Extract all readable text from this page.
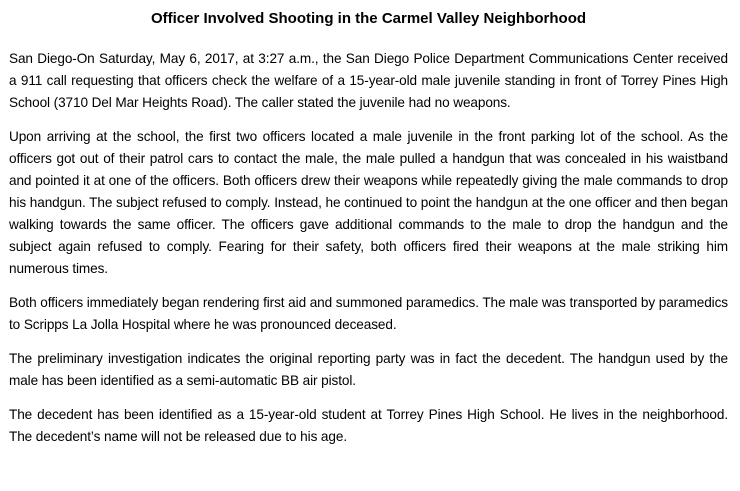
Officer Involved Shooting in the Carmel Valley Neighborhood

San Diego-On Saturday, May 6, 2017, at 3:27 a.m., the San Diego Police Department Communications Center received a 911 call requesting that officers check the welfare of a 15-year-old male juvenile standing in front of Torrey Pines High School (3710 Del Mar Heights Road). The caller stated the juvenile had no weapons.

Upon arriving at the school, the first two officers located a male juvenile in the front parking lot of the school. As the officers got out of their patrol cars to contact the male, the male pulled a handgun that was concealed in his waistband and pointed it at one of the officers. Both officers drew their weapons while repeatedly giving the male commands to drop his handgun. The subject refused to comply. Instead, he continued to point the handgun at the one officer and then began walking towards the same officer. The officers gave additional commands to the male to drop the handgun and the subject again refused to comply. Fearing for their safety, both officers fired their weapons at the male striking him numerous times.

Both officers immediately began rendering first aid and summoned paramedics. The male was transported by paramedics to Scripps La Jolla Hospital where he was pronounced deceased.

The preliminary investigation indicates the original reporting party was in fact the decedent. The handgun used by the male has been identified as a semi-automatic BB air pistol.

The decedent has been identified as a 15-year-old student at Torrey Pines High School. He lives in the neighborhood. The decedent’s name will not be released due to his age.
